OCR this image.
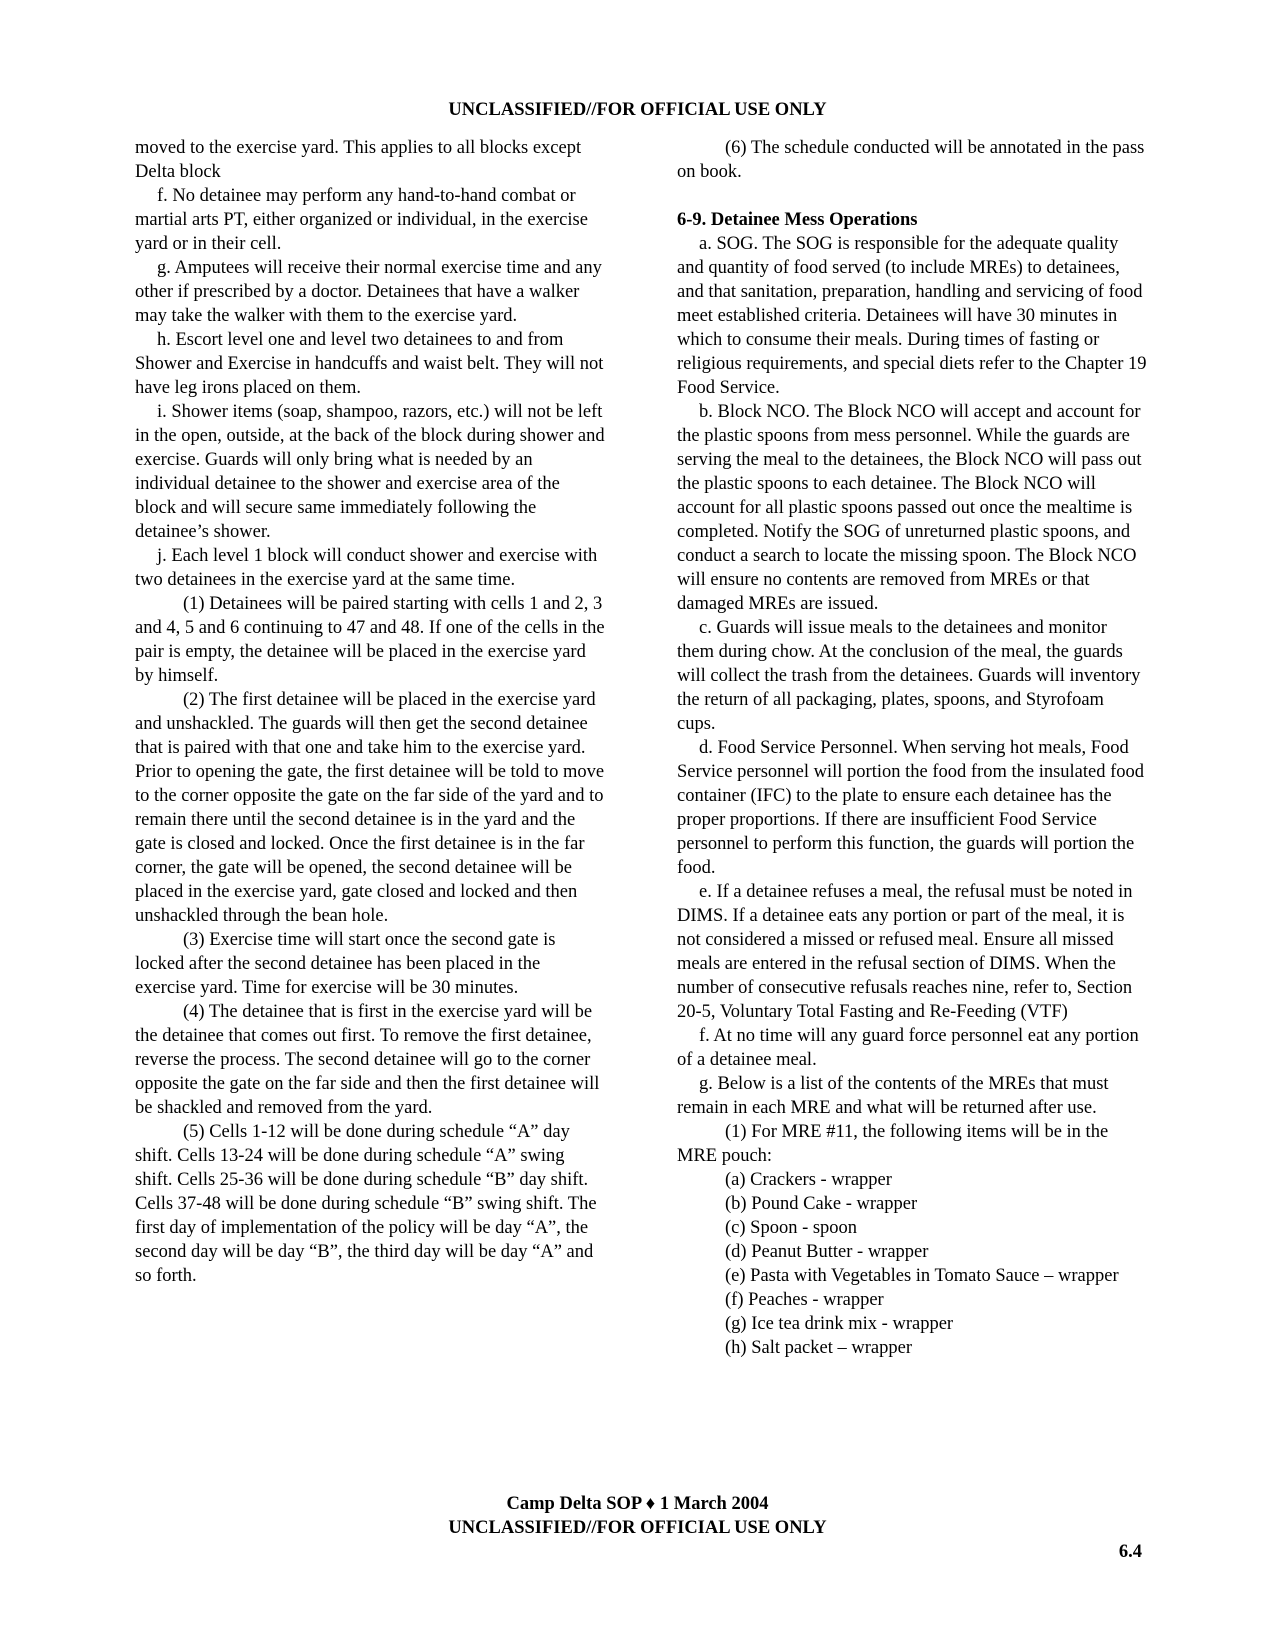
UNCLASSIFIED//FOR OFFICIAL USE ONLY

moved to the exercise yard. This applies to all blocks except Delta block

f. No detainee may perform any hand-to-hand combat or martial arts PT, either organized or individual, in the exercise yard or in their cell.

g. Amputees will receive their normal exercise time and any other if prescribed by a doctor. Detainees that have a walker may take the walker with them to the exercise yard.

h. Escort level one and level two detainees to and from Shower and Exercise in handcuffs and waist belt. They will not have leg irons placed on them.

i. Shower items (soap, shampoo, razors, etc.) will not be left in the open, outside, at the back of the block during shower and exercise. Guards will only bring what is needed by an individual detainee to the shower and exercise area of the block and will secure same immediately following the detainee’s shower.

j. Each level 1 block will conduct shower and exercise with two detainees in the exercise yard at the same time.

(1) Detainees will be paired starting with cells 1 and 2, 3 and 4, 5 and 6 continuing to 47 and 48. If one of the cells in the pair is empty, the detainee will be placed in the exercise yard by himself.

(2) The first detainee will be placed in the exercise yard and unshackled. The guards will then get the second detainee that is paired with that one and take him to the exercise yard. Prior to opening the gate, the first detainee will be told to move to the corner opposite the gate on the far side of the yard and to remain there until the second detainee is in the yard and the gate is closed and locked. Once the first detainee is in the far corner, the gate will be opened, the second detainee will be placed in the exercise yard, gate closed and locked and then unshackled through the bean hole.

(3) Exercise time will start once the second gate is locked after the second detainee has been placed in the exercise yard. Time for exercise will be 30 minutes.

(4) The detainee that is first in the exercise yard will be the detainee that comes out first. To remove the first detainee, reverse the process. The second detainee will go to the corner opposite the gate on the far side and then the first detainee will be shackled and removed from the yard.

(5) Cells 1-12 will be done during schedule “A” day shift. Cells 13-24 will be done during schedule “A” swing shift. Cells 25-36 will be done during schedule “B” day shift. Cells 37-48 will be done during schedule “B” swing shift. The first day of implementation of the policy will be day “A”, the second day will be day “B”, the third day will be day “A” and so forth.

(6) The schedule conducted will be annotated in the pass on book.

6-9. Detainee Mess Operations

a. SOG. The SOG is responsible for the adequate quality and quantity of food served (to include MREs) to detainees, and that sanitation, preparation, handling and servicing of food meet established criteria. Detainees will have 30 minutes in which to consume their meals. During times of fasting or religious requirements, and special diets refer to the Chapter 19 Food Service.

b. Block NCO. The Block NCO will accept and account for the plastic spoons from mess personnel. While the guards are serving the meal to the detainees, the Block NCO will pass out the plastic spoons to each detainee. The Block NCO will account for all plastic spoons passed out once the mealtime is completed. Notify the SOG of unreturned plastic spoons, and conduct a search to locate the missing spoon. The Block NCO will ensure no contents are removed from MREs or that damaged MREs are issued.

c. Guards will issue meals to the detainees and monitor them during chow. At the conclusion of the meal, the guards will collect the trash from the detainees. Guards will inventory the return of all packaging, plates, spoons, and Styrofoam cups.

d. Food Service Personnel. When serving hot meals, Food Service personnel will portion the food from the insulated food container (IFC) to the plate to ensure each detainee has the proper proportions. If there are insufficient Food Service personnel to perform this function, the guards will portion the food.

e. If a detainee refuses a meal, the refusal must be noted in DIMS. If a detainee eats any portion or part of the meal, it is not considered a missed or refused meal. Ensure all missed meals are entered in the refusal section of DIMS. When the number of consecutive refusals reaches nine, refer to, Section 20-5, Voluntary Total Fasting and Re-Feeding (VTF)

f. At no time will any guard force personnel eat any portion of a detainee meal.

g. Below is a list of the contents of the MREs that must remain in each MRE and what will be returned after use.

(1) For MRE #11, the following items will be in the MRE pouch:

(a) Crackers - wrapper

(b) Pound Cake - wrapper

(c) Spoon - spoon

(d) Peanut Butter - wrapper

(e) Pasta with Vegetables in Tomato Sauce – wrapper

(f) Peaches - wrapper

(g) Ice tea drink mix - wrapper

(h) Salt packet – wrapper

Camp Delta SOP ♦ 1 March 2004
UNCLASSIFIED//FOR OFFICIAL USE ONLY
6.4
